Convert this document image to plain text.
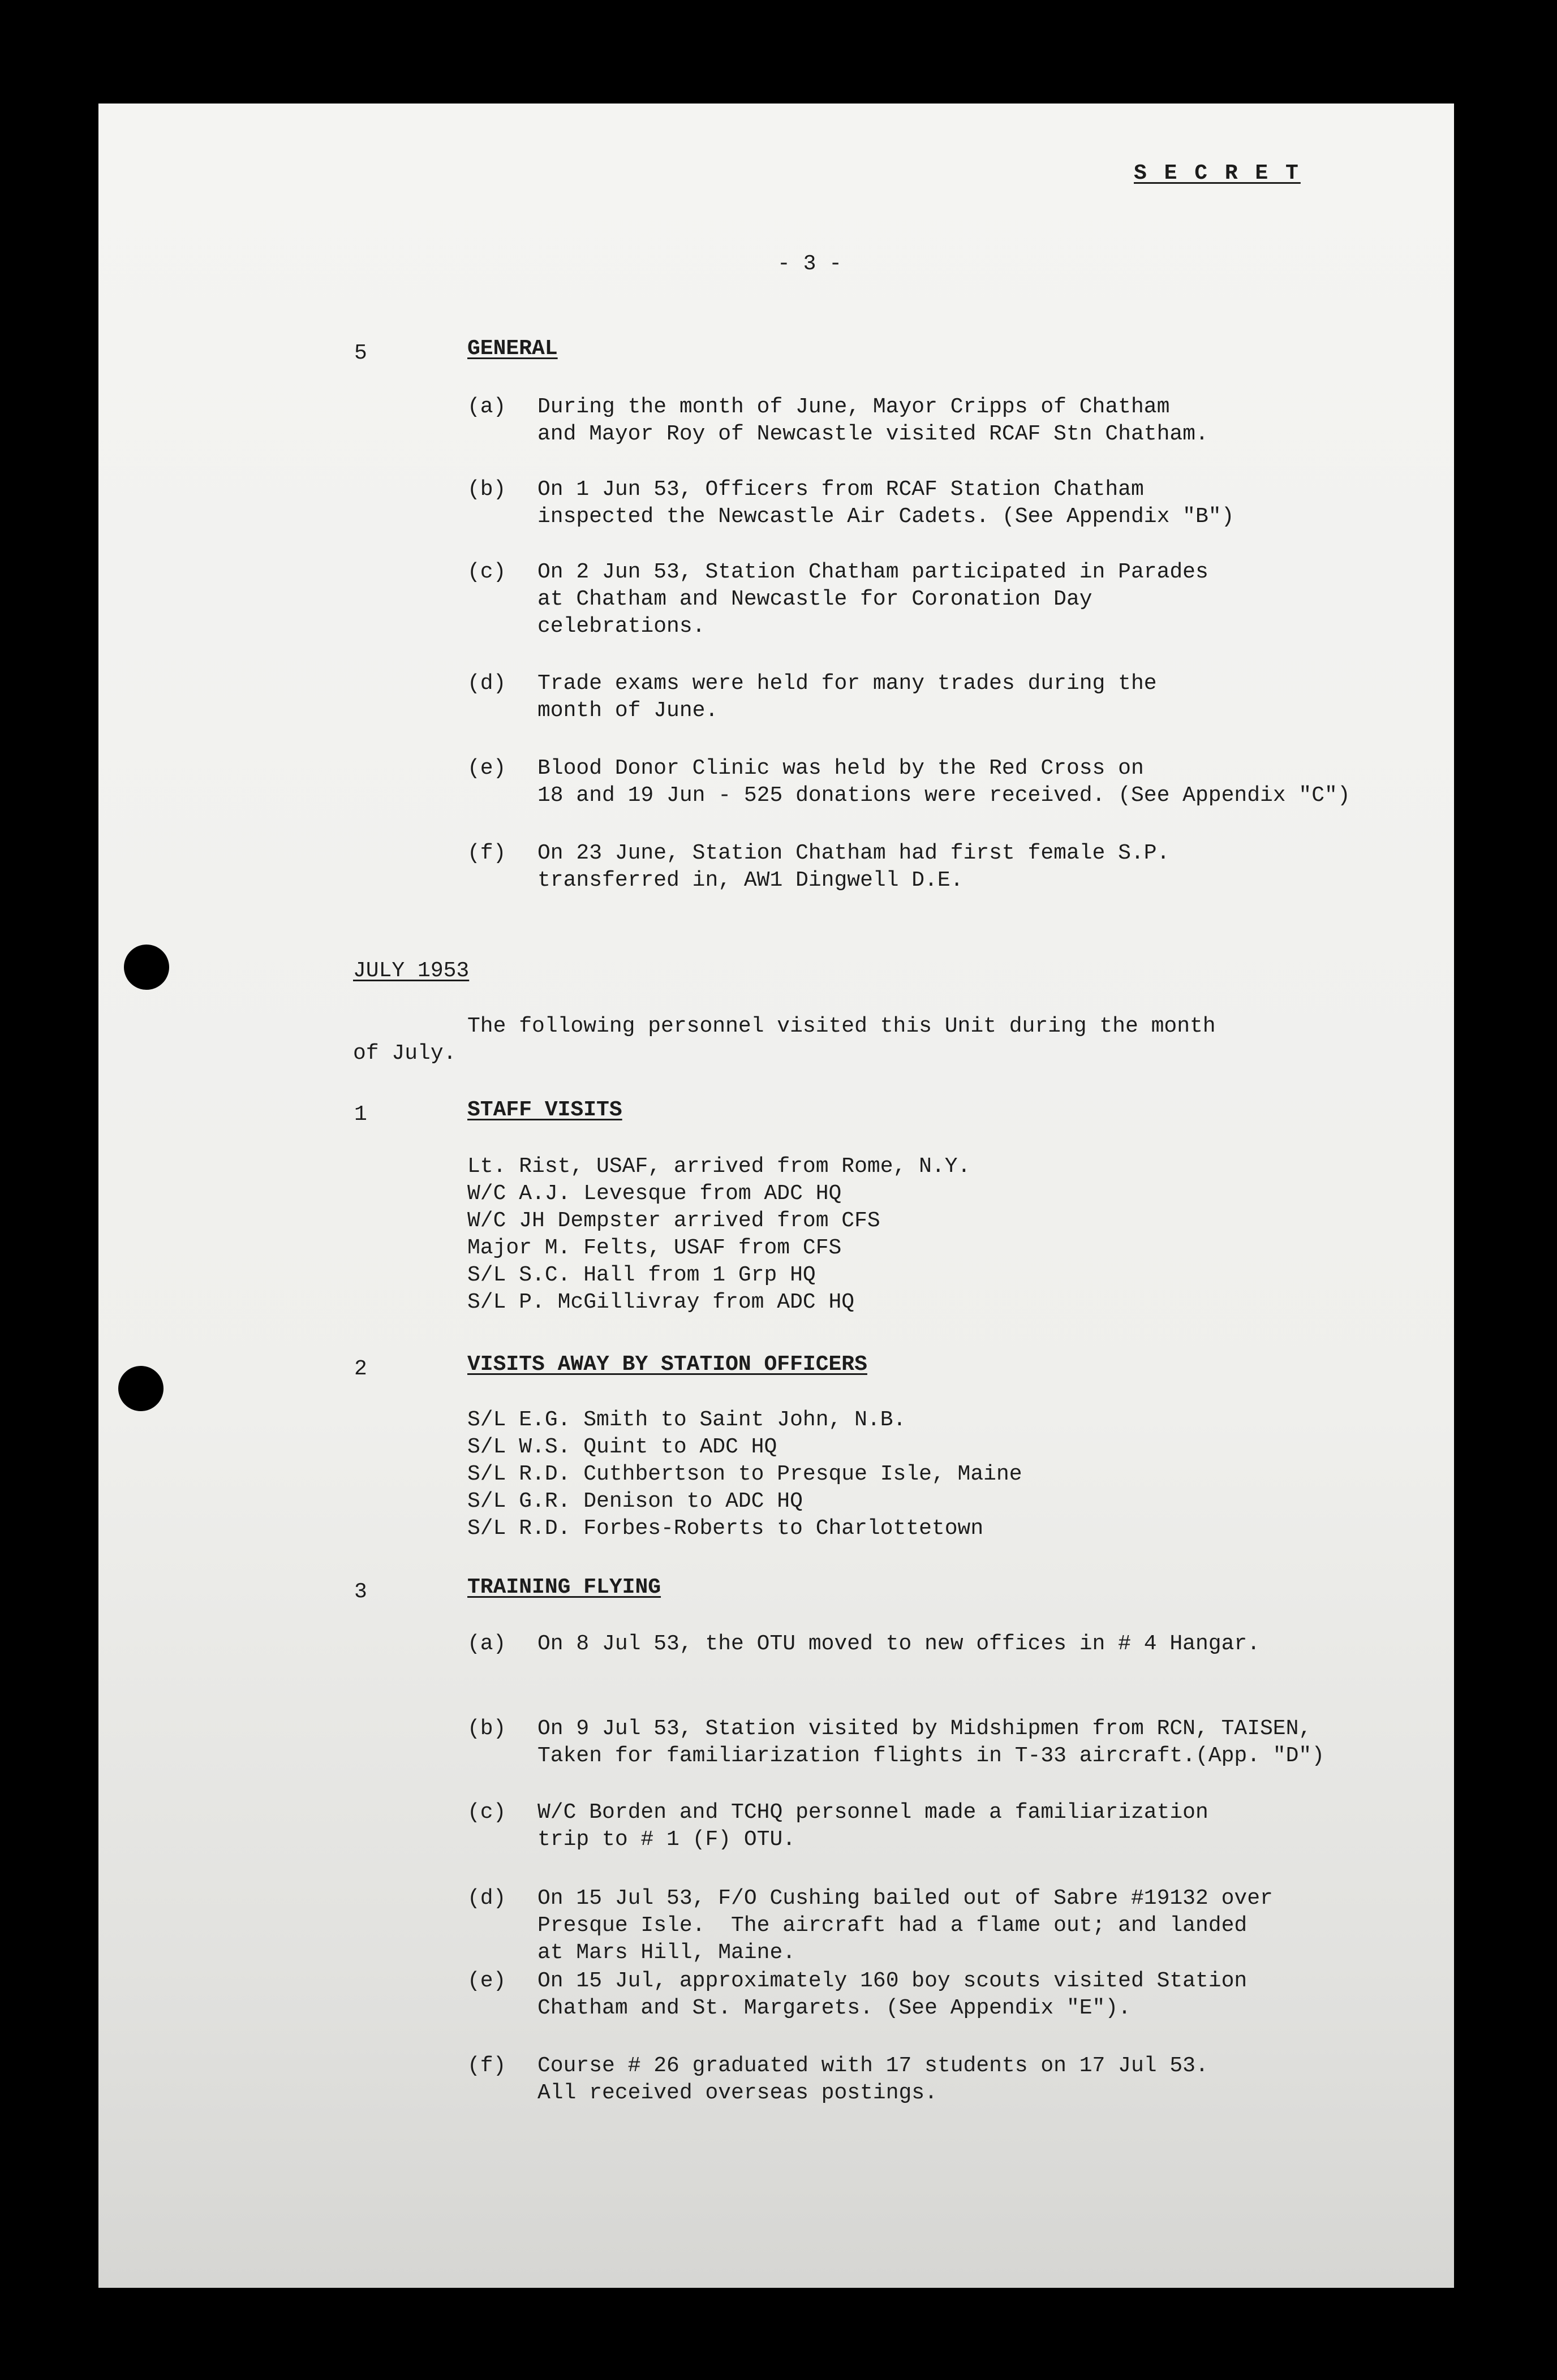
S E C R E T
- 3 -
5	GENERAL
(a) During the month of June, Mayor Cripps of Chatham
and Mayor Roy of Newcastle visited RCAF Stn Chatham.
(b) On 1 Jun 53, Officers from RCAF Station Chatham
inspected the Newcastle Air Cadets. (See Appendix "B")
(c) On 2 Jun 53, Station Chatham participated in Parades
at Chatham and Newcastle for Coronation Day
celebrations.
(d) Trade exams were held for many trades during the
month of June.
(e) Blood Donor Clinic was held by the Red Cross on
18 and 19 Jun - 525 donations were received. (See Appendix "C")
(f) On 23 June, Station Chatham had first female S.P.
transferred in, AW1 Dingwell D.E.
JULY 1953
The following personnel visited this Unit during the month
of July.
1	STAFF VISITS
Lt. Rist, USAF, arrived from Rome, N.Y.
W/C A.J. Levesque from ADC HQ
W/C JH Dempster arrived from CFS
Major M. Felts, USAF from CFS
S/L S.C. Hall from 1 Grp HQ
S/L P. McGillivray from ADC HQ
2	VISITS AWAY BY STATION OFFICERS
S/L E.G. Smith to Saint John, N.B.
S/L W.S. Quint to ADC HQ
S/L R.D. Cuthbertson to Presque Isle, Maine
S/L G.R. Denison to ADC HQ
S/L R.D. Forbes-Roberts to Charlottetown
3	TRAINING FLYING
(a) On 8 Jul 53, the OTU moved to new offices in # 4 Hangar.
(b) On 9 Jul 53, Station visited by Midshipmen from RCN, TAISEN,
Taken for familiarization flights in T-33 aircraft.(App. "D")
(c) W/C Borden and TCHQ personnel made a familiarization
trip to # 1 (F) OTU.
(d) On 15 Jul 53, F/O Cushing bailed out of Sabre #19132 over
Presque Isle.  The aircraft had a flame out; and landed
at Mars Hill, Maine.
(e) On 15 Jul, approximately 160 boy scouts visited Station
Chatham and St. Margarets. (See Appendix "E").
(f) Course # 26 graduated with 17 students on 17 Jul 53.
All received overseas postings.
